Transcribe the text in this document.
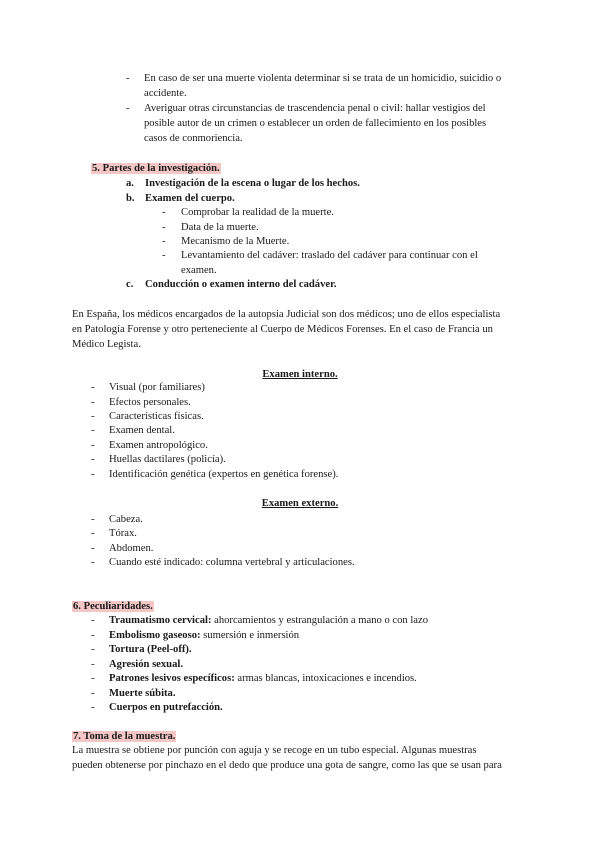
- En caso de ser una muerte violenta determinar si se trata de un homicidio, suicidio o
accidente.
- Averiguar otras circunstancias de trascendencia penal o civil: hallar vestigios del
posible autor de un crimen o establecer un orden de fallecimiento en los posibles
casos de conmoriencia.
5. Partes de la investigación.
a. Investigación de la escena o lugar de los hechos.
b. Examen del cuerpo.
- Comprobar la realidad de la muerte.
- Data de la muerte.
- Mecanismo de la Muerte.
- Levantamiento del cadáver: traslado del cadáver para continuar con el
examen.
c. Conducción o examen interno del cadáver.
En España, los médicos encargados de la autopsia Judicial son dos médicos; uno de ellos especialista
en Patología Forense y otro perteneciente al Cuerpo de Médicos Forenses. En el caso de Francia un
Médico Legista.
Examen interno.
- Visual (por familiares)
- Efectos personales.
- Características físicas.
- Examen dental.
- Examen antropológico.
- Huellas dactilares (policía).
- Identificación genética (expertos en genética forense).
Examen externo.
- Cabeza.
- Tórax.
- Abdomen.
- Cuando esté indicado: columna vertebral y articulaciones.
6. Peculiaridades.
- Traumatismo cervical: ahorcamientos y estrangulación a mano o con lazo
- Embolismo gaseoso: sumersión e inmersión
- Tortura (Peel-off).
- Agresión sexual.
- Patrones lesivos específicos: armas blancas, intoxicaciones e incendios.
- Muerte súbita.
- Cuerpos en putrefacción.
7. Toma de la muestra.
La muestra se obtiene por punción con aguja y se recoge en un tubo especial. Algunas muestras
pueden obtenerse por pinchazo en el dedo que produce una gota de sangre, como las que se usan para
